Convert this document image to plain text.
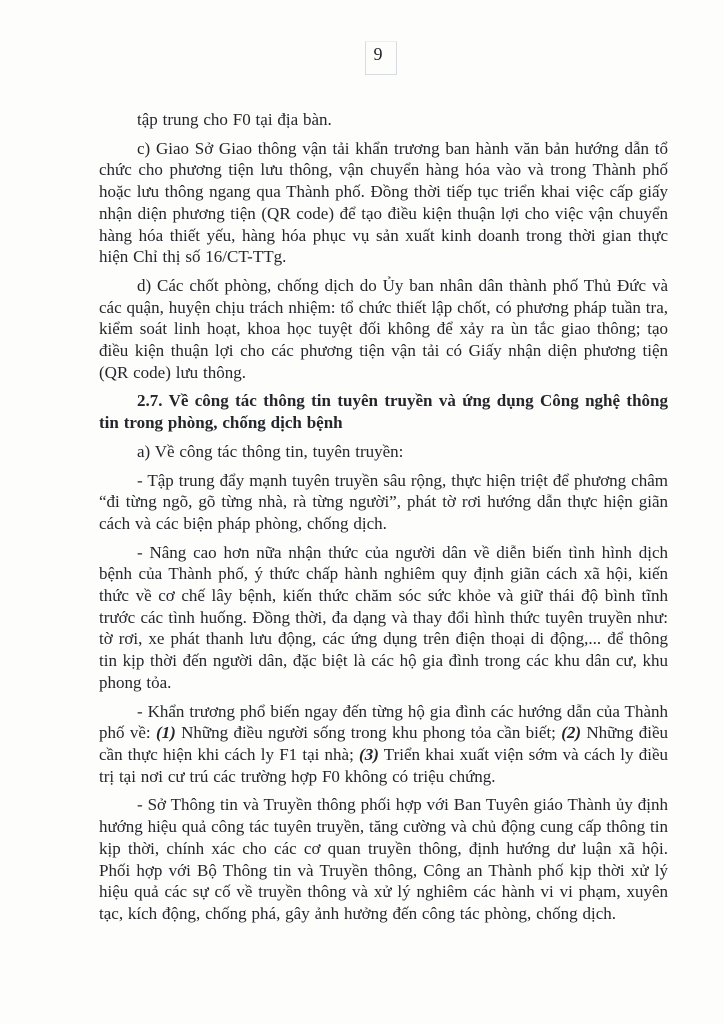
9

tập trung cho F0 tại địa bàn.

c) Giao Sở Giao thông vận tải khẩn trương ban hành văn bản hướng dẫn tổ chức cho phương tiện lưu thông, vận chuyển hàng hóa vào và trong Thành phố hoặc lưu thông ngang qua Thành phố. Đồng thời tiếp tục triển khai việc cấp giấy nhận diện phương tiện (QR code) để tạo điều kiện thuận lợi cho việc vận chuyển hàng hóa thiết yếu, hàng hóa phục vụ sản xuất kinh doanh trong thời gian thực hiện Chỉ thị số 16/CT-TTg.

d) Các chốt phòng, chống dịch do Ủy ban nhân dân thành phố Thủ Đức và các quận, huyện chịu trách nhiệm: tổ chức thiết lập chốt, có phương pháp tuần tra, kiểm soát linh hoạt, khoa học tuyệt đối không để xảy ra ùn tắc giao thông; tạo điều kiện thuận lợi cho các phương tiện vận tải có Giấy nhận diện phương tiện (QR code) lưu thông.

2.7. Về công tác thông tin tuyên truyền và ứng dụng Công nghệ thông tin trong phòng, chống dịch bệnh

a) Về công tác thông tin, tuyên truyền:

- Tập trung đẩy mạnh tuyên truyền sâu rộng, thực hiện triệt để phương châm “đi từng ngõ, gõ từng nhà, rà từng người”, phát tờ rơi hướng dẫn thực hiện giãn cách và các biện pháp phòng, chống dịch.

- Nâng cao hơn nữa nhận thức của người dân về diễn biến tình hình dịch bệnh của Thành phố, ý thức chấp hành nghiêm quy định giãn cách xã hội, kiến thức về cơ chế lây bệnh, kiến thức chăm sóc sức khỏe và giữ thái độ bình tĩnh trước các tình huống. Đồng thời, đa dạng và thay đổi hình thức tuyên truyền như: tờ rơi, xe phát thanh lưu động, các ứng dụng trên điện thoại di động,... để thông tin kịp thời đến người dân, đặc biệt là các hộ gia đình trong các khu dân cư, khu phong tỏa.

- Khẩn trương phổ biến ngay đến từng hộ gia đình các hướng dẫn của Thành phố về: (1) Những điều người sống trong khu phong tỏa cần biết; (2) Những điều cần thực hiện khi cách ly F1 tại nhà; (3) Triển khai xuất viện sớm và cách ly điều trị tại nơi cư trú các trường hợp F0 không có triệu chứng.

- Sở Thông tin và Truyền thông phối hợp với Ban Tuyên giáo Thành ủy định hướng hiệu quả công tác tuyên truyền, tăng cường và chủ động cung cấp thông tin kịp thời, chính xác cho các cơ quan truyền thông, định hướng dư luận xã hội. Phối hợp với Bộ Thông tin và Truyền thông, Công an Thành phố kịp thời xử lý hiệu quả các sự cố về truyền thông và xử lý nghiêm các hành vi vi phạm, xuyên tạc, kích động, chống phá, gây ảnh hưởng đến công tác phòng, chống dịch.
